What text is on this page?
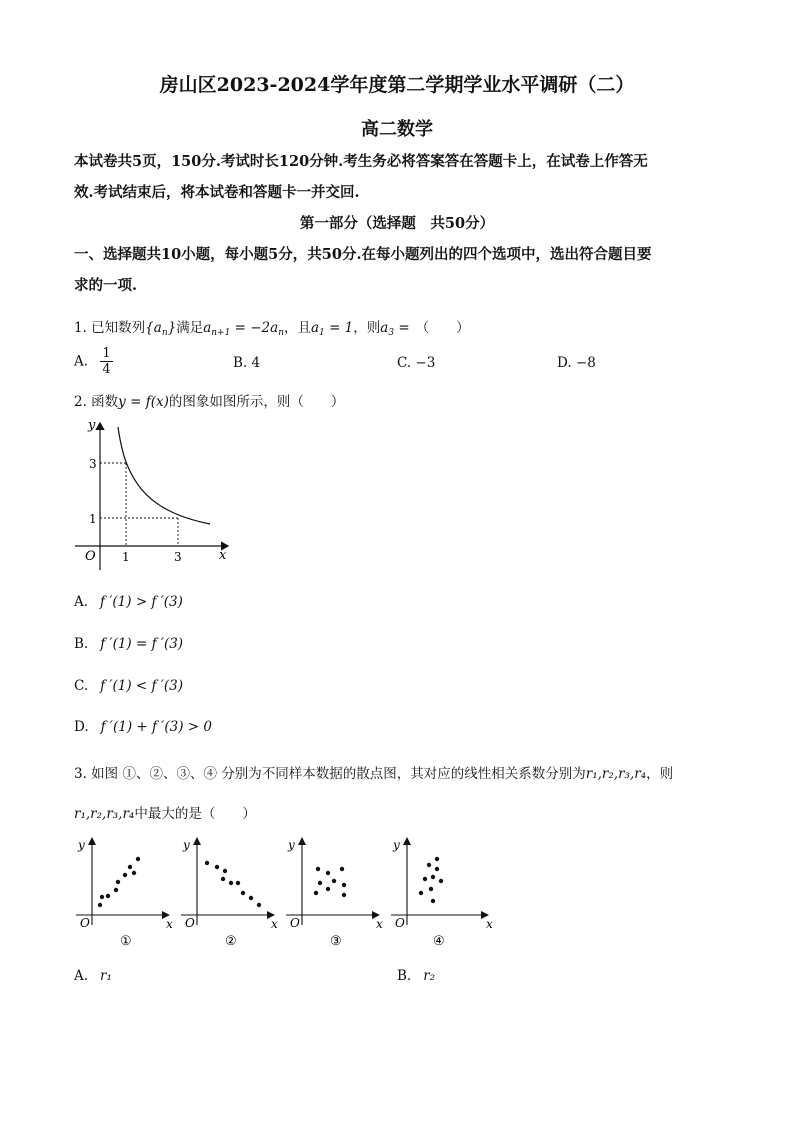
房山区2023-2024学年度第二学期学业水平调研（二）
高二数学
本试卷共5页，150分.考试时长120分钟.考生务必将答案答在答题卡上，在试卷上作答无
效.考试结束后，将本试卷和答题卡一并交回.
第一部分（选择题　共50分）
一、选择题共10小题，每小题5分，共50分.在每小题列出的四个选项中，选出符合题目要
求的一项.
1. 已知数列$\{a_n\}$满足$a_{n+1} = -2a_n$，且$a_1 = 1$，则$a_3$ = （　　）
A. $\frac{1}{4}$	B. 4	C. −3	D. −8
2. 函数y = f(x)的图象如图所示，则（　　）
y
x
O 1	3
1
3
A. f ′(1) > f ′(3)
B. f ′(1) = f ′(3)
C. f ′(1) < f ′(3)
D. f ′(1) + f ′(3) > 0
3. 如图 ①、②、③、④ 分别为不同样本数据的散点图，其对应的线性相关系数分别为r₁,r₂,r₃,r₄，则
r₁,r₂,r₃,r₄中最大的是（　　）
y
x
O
①
y
x
O
②
y
x
O
③
y
x
O
④
A. r₁	B. r₂
